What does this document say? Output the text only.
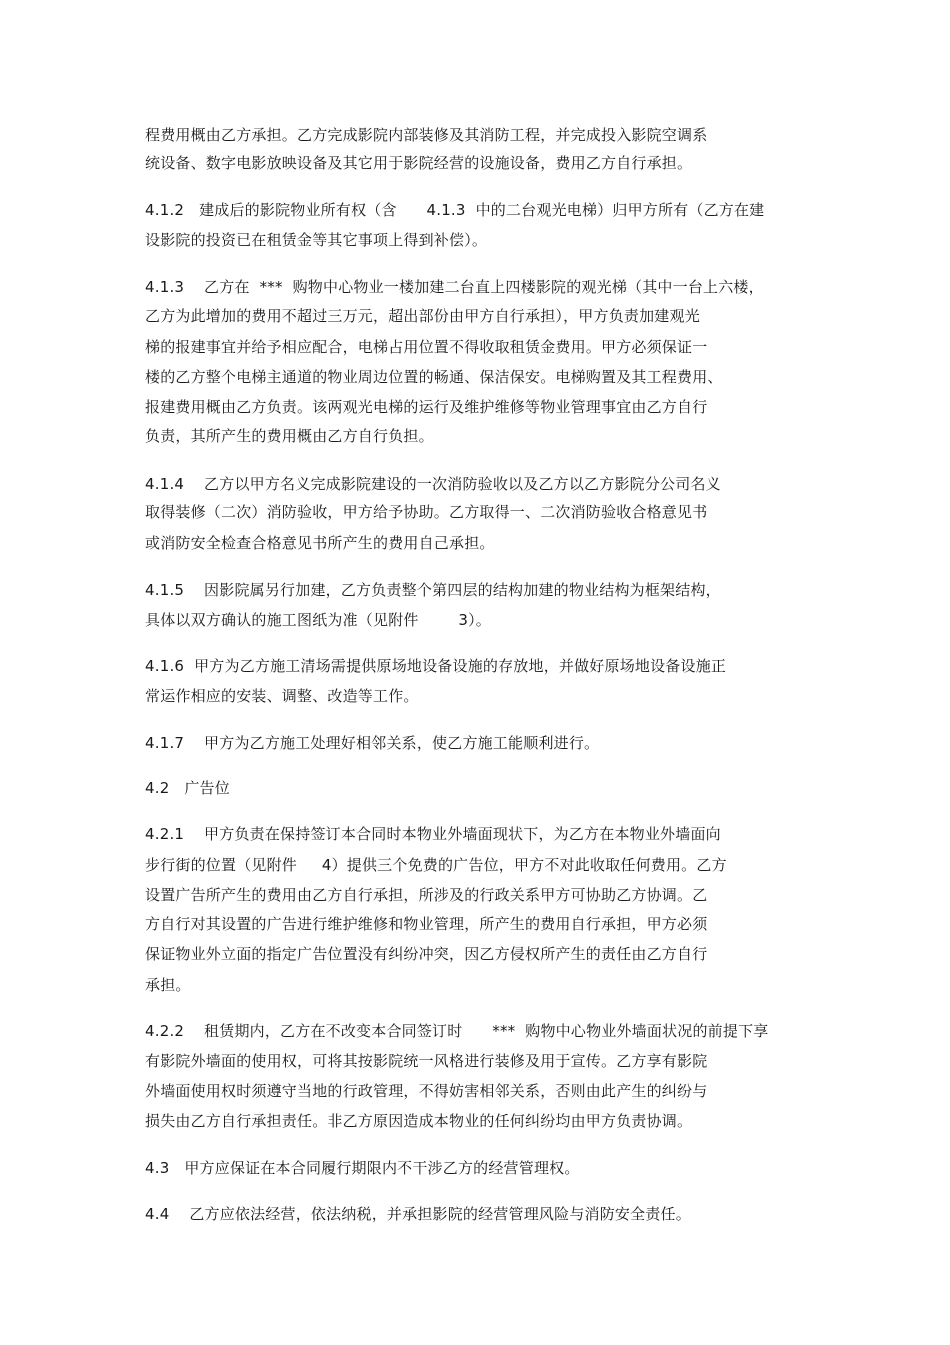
程费用概由乙方承担。乙方完成影院内部装修及其消防工程，并完成投入影院空调系
统设备、数字电影放映设备及其它用于影院经营的设施设备，费用乙方自行承担。
4.1.2   建成后的影院物业所有权（含      4.1.3  中的二台观光电梯）归甲方所有（乙方在建
设影院的投资已在租赁金等其它事项上得到补偿）。
4.1.3    乙方在  ***  购物中心物业一楼加建二台直上四楼影院的观光梯（其中一台上六楼，
乙方为此增加的费用不超过三万元，超出部份由甲方自行承担），甲方负责加建观光
梯的报建事宜并给予相应配合，电梯占用位置不得收取租赁金费用。甲方必须保证一
楼的乙方整个电梯主通道的物业周边位置的畅通、保洁保安。电梯购置及其工程费用、
报建费用概由乙方负责。该两观光电梯的运行及维护维修等物业管理事宜由乙方自行
负责，其所产生的费用概由乙方自行负担。
4.1.4    乙方以甲方名义完成影院建设的一次消防验收以及乙方以乙方影院分公司名义
取得装修（二次）消防验收，甲方给予协助。乙方取得一、二次消防验收合格意见书
或消防安全检查合格意见书所产生的费用自己承担。
4.1.5    因影院属另行加建，乙方负责整个第四层的结构加建的物业结构为框架结构，
具体以双方确认的施工图纸为准（见附件        3）。
4.1.6  甲方为乙方施工清场需提供原场地设备设施的存放地，并做好原场地设备设施正
常运作相应的安装、调整、改造等工作。
4.1.7    甲方为乙方施工处理好相邻关系，使乙方施工能顺利进行。
4.2   广告位
4.2.1    甲方负责在保持签订本合同时本物业外墙面现状下，为乙方在本物业外墙面向
步行街的位置（见附件     4）提供三个免费的广告位，甲方不对此收取任何费用。乙方
设置广告所产生的费用由乙方自行承担，所涉及的行政关系甲方可协助乙方协调。乙
方自行对其设置的广告进行维护维修和物业管理，所产生的费用自行承担，甲方必须
保证物业外立面的指定广告位置没有纠纷冲突，因乙方侵权所产生的责任由乙方自行
承担。
4.2.2    租赁期内，乙方在不改变本合同签订时      ***  购物中心物业外墙面状况的前提下享
有影院外墙面的使用权，可将其按影院统一风格进行装修及用于宣传。乙方享有影院
外墙面使用权时须遵守当地的行政管理，不得妨害相邻关系，否则由此产生的纠纷与
损失由乙方自行承担责任。非乙方原因造成本物业的任何纠纷均由甲方负责协调。
4.3   甲方应保证在本合同履行期限内不干涉乙方的经营管理权。
4.4    乙方应依法经营，依法纳税，并承担影院的经营管理风险与消防安全责任。
